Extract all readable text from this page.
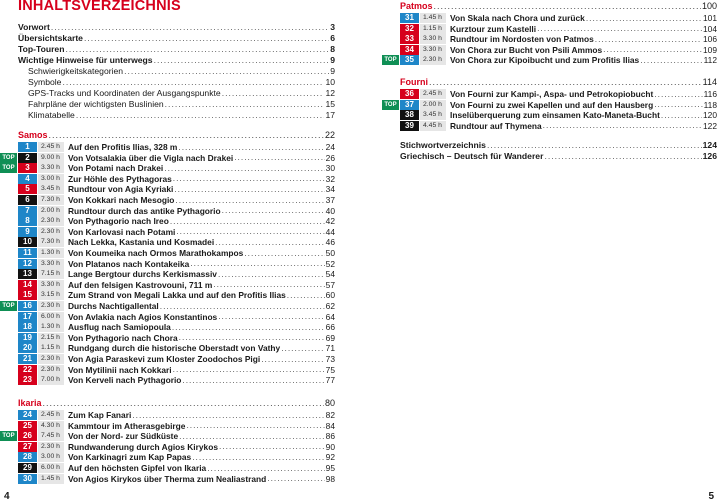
INHALTSVERZEICHNIS
Vorwort .....	3
Übersichtskarte .....	6
Top-Touren .....	8
Wichtige Hinweise für unterwegs .....	9
Schwierigkeitskategorien .....	9
Symbole .....	10
GPS-Tracks und Koordinaten der Ausgangspunkte .....	12
Fahrpläne der wichtigsten Buslinien .....	15
Klimatabelle .....	17
Samos .....	22
1	2.45 h Auf den Profitis Ilias, 328 m .....	24
TOP	2	9.00 h Von Votsalakia über die Vigla nach Drakei .....	26
TOP	3	3.30 h Von Potami nach Drakei .....	30
4	3.00 h Zur Höhle des Pythagoras .....	32
5	3.45 h Rundtour von Agia Kyriaki .....	34
6	7.30 h Von Kokkari nach Mesogio .....	37
7	2.00 h Rundtour durch das antike Pythagorio .....	40
8	2.30 h Von Pythagorio nach Ireo .....	42
9	2.30 h Von Karlovasi nach Potami .....	44
10	7.30 h Nach Lekka, Kastania und Kosmadei .....	46
11	1.30 h Von Koumeika nach Ormos Marathokampos .....	50
12	3.30 h Von Platanos nach Kontakeika .....	52
13	7.15 h Lange Bergtour durchs Kerkismassiv .....	54
14	3.30 h Auf den felsigen Kastrovouni, 711 m .....	57
15	3.15 h Zum Strand von Megali Lakka und auf den Profitis Ilias .....	60
TOP	16	2.30 h Durchs Nachtigallental .....	62
17	6.00 h Von Avlakia nach Agios Konstantinos .....	64
18	1.30 h Ausflug nach Samiopoula .....	66
19	2.15 h Von Pythagorio nach Chora .....	69
20	1.15 h Rundgang durch die historische Oberstadt von Vathy .....	71
21	2.30 h Von Agia Paraskevi zum Kloster Zoodochos Pigi .....	73
22	2.30 h Von Mytilinii nach Kokkari .....	75
23	7.00 h Von Kerveli nach Pythagorio .....	77
Ikaria .....	80
24	2.45 h Zum Kap Fanari .....	82
25	4.30 h Kammtour im Atherasgebirge .....	84
TOP	26	7.45 h Von der Nord- zur Südküste .....	86
27	2.30 h Rundwanderung durch Agios Kirykos .....	90
28	3.00 h Von Karkinagri zum Kap Papas .....	92
29	6.00 h Auf den höchsten Gipfel von Ikaria .....	95
30	1.45 h Von Agios Kirykos über Therma zum Nealiastrand .....	98
Patmos .....	100
31	1.45 h Von Skala nach Chora und zurück .....	101
32	1.15 h Kurztour zum Kastelli .....	104
33	3.30 h Rundtour im Nordosten von Patmos .....	106
34	3.30 h Von Chora zur Bucht von Psili Ammos .....	109
TOP	35	2.30 h Von Chora zur Kipoibucht und zum Profitis Ilias .....	112
Fourni .....	114
36	2.45 h Von Fourni zur Kampi-, Aspa- und Petrokopiobucht .....	116
TOP	37	2.00 h Von Fourni zu zwei Kapellen und auf den Hausberg .....	118
38	3.45 h Inselüberquerung zum einsamen Kato-Maneta-Bucht .....	120
39	4.45 h Rundtour auf Thymena .....	122
Stichwortverzeichnis .....	124
Griechisch – Deutsch für Wanderer .....	126
4	5
